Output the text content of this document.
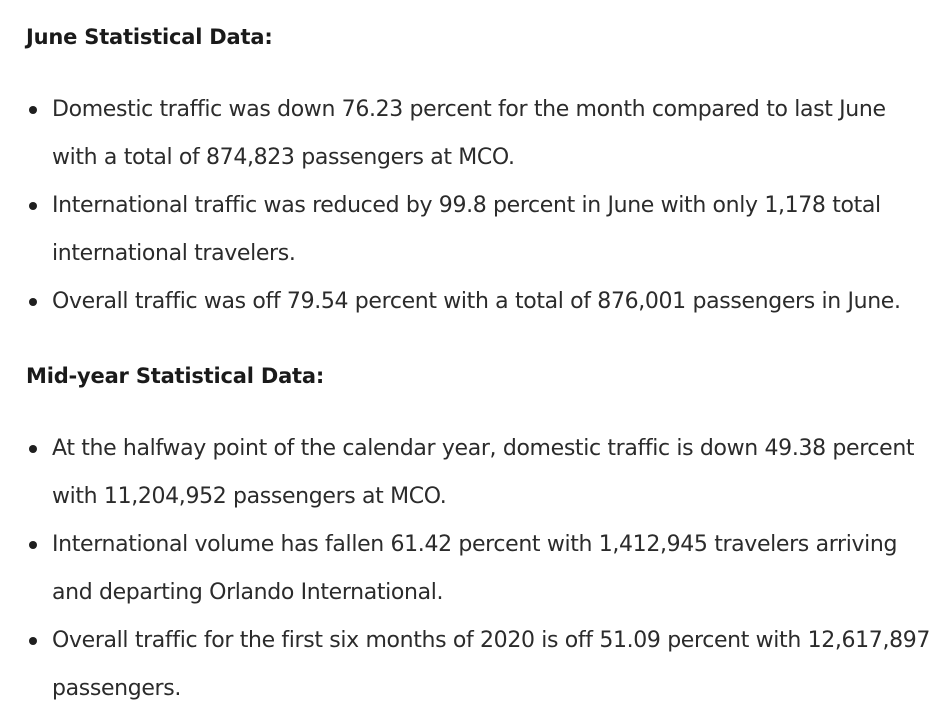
June Statistical Data:
Domestic traffic was down 76.23 percent for the month compared to last June with a total of 874,823 passengers at MCO.
International traffic was reduced by 99.8 percent in June with only 1,178 total international travelers.
Overall traffic was off 79.54 percent with a total of 876,001 passengers in June.
Mid-year Statistical Data:
At the halfway point of the calendar year, domestic traffic is down 49.38 percent with 11,204,952 passengers at MCO.
International volume has fallen 61.42 percent with 1,412,945 travelers arriving and departing Orlando International.
Overall traffic for the first six months of 2020 is off 51.09 percent with 12,617,897 passengers.
